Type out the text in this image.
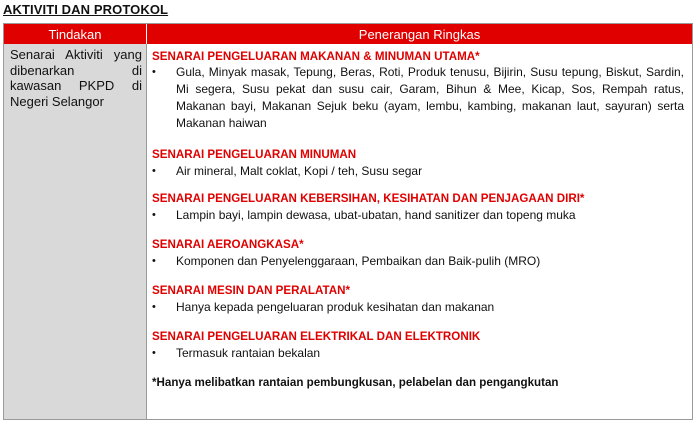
AKTIVITI DAN PROTOKOL
Tindakan	Penerangan Ringkas
Senarai Aktiviti yang dibenarkan di kawasan PKPD di Negeri Selangor
SENARAI PENGELUARAN MAKANAN & MINUMAN UTAMA*
• Gula, Minyak masak, Tepung, Beras, Roti, Produk tenusu, Bijirin, Susu tepung, Biskut, Sardin, Mi segera, Susu pekat dan susu cair, Garam, Bihun & Mee, Kicap, Sos, Rempah ratus, Makanan bayi, Makanan Sejuk beku (ayam, lembu, kambing, makanan laut, sayuran) serta Makanan haiwan
SENARAI PENGELUARAN MINUMAN
• Air mineral, Malt coklat, Kopi / teh, Susu segar
SENARAI PENGELUARAN KEBERSIHAN, KESIHATAN DAN PENJAGAAN DIRI*
• Lampin bayi, lampin dewasa, ubat-ubatan, hand sanitizer dan topeng muka
SENARAI AEROANGKASA*
• Komponen dan Penyelenggaraan, Pembaikan dan Baik-pulih (MRO)
SENARAI MESIN DAN PERALATAN*
• Hanya kepada pengeluaran produk kesihatan dan makanan
SENARAI PENGELUARAN ELEKTRIKAL DAN ELEKTRONIK
• Termasuk rantaian bekalan
*Hanya melibatkan rantaian pembungkusan, pelabelan dan pengangkutan
